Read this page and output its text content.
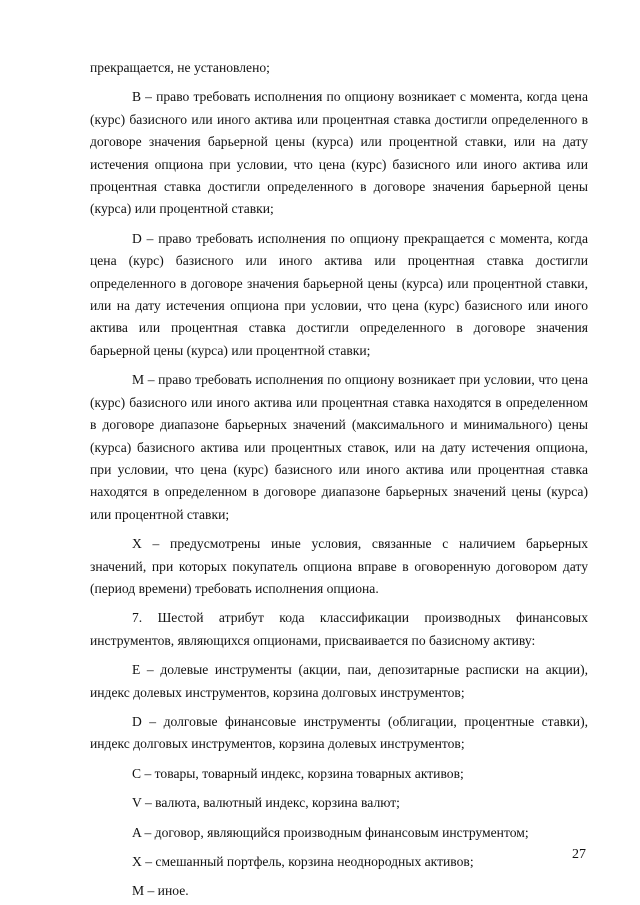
прекращается, не установлено;

B – право требовать исполнения по опциону возникает с момента, когда цена (курс) базисного или иного актива или процентная ставка достигли определенного в договоре значения барьерной цены (курса) или процентной ставки, или на дату истечения опциона при условии, что цена (курс) базисного или иного актива или процентная ставка достигли определенного в договоре значения барьерной цены (курса) или процентной ставки;

D – право требовать исполнения по опциону прекращается с момента, когда цена (курс) базисного или иного актива или процентная ставка достигли определенного в договоре значения барьерной цены (курса) или процентной ставки, или на дату истечения опциона при условии, что цена (курс) базисного или иного актива или процентная ставка достигли определенного в договоре значения барьерной цены (курса) или процентной ставки;

M – право требовать исполнения по опциону возникает при условии, что цена (курс) базисного или иного актива или процентная ставка находятся в определенном в договоре диапазоне барьерных значений (максимального и минимального) цены (курса) базисного актива или процентных ставок, или на дату истечения опциона, при условии, что цена (курс) базисного или иного актива или процентная ставка находятся в определенном в договоре диапазоне барьерных значений цены (курса) или процентной ставки;

X – предусмотрены иные условия, связанные с наличием барьерных значений, при которых покупатель опциона вправе в оговоренную договором дату (период времени) требовать исполнения опциона.

7. Шестой атрибут кода классификации производных финансовых инструментов, являющихся опционами, присваивается по базисному активу:

E – долевые инструменты (акции, паи, депозитарные расписки на акции), индекс долевых инструментов, корзина долговых инструментов;

D – долговые финансовые инструменты (облигации, процентные ставки), индекс долговых инструментов, корзина долевых инструментов;

C – товары, товарный индекс, корзина товарных активов;

V – валюта, валютный индекс, корзина валют;

A – договор, являющийся производным финансовым инструментом;

X – смешанный портфель, корзина неоднородных активов;

M – иное.

27
